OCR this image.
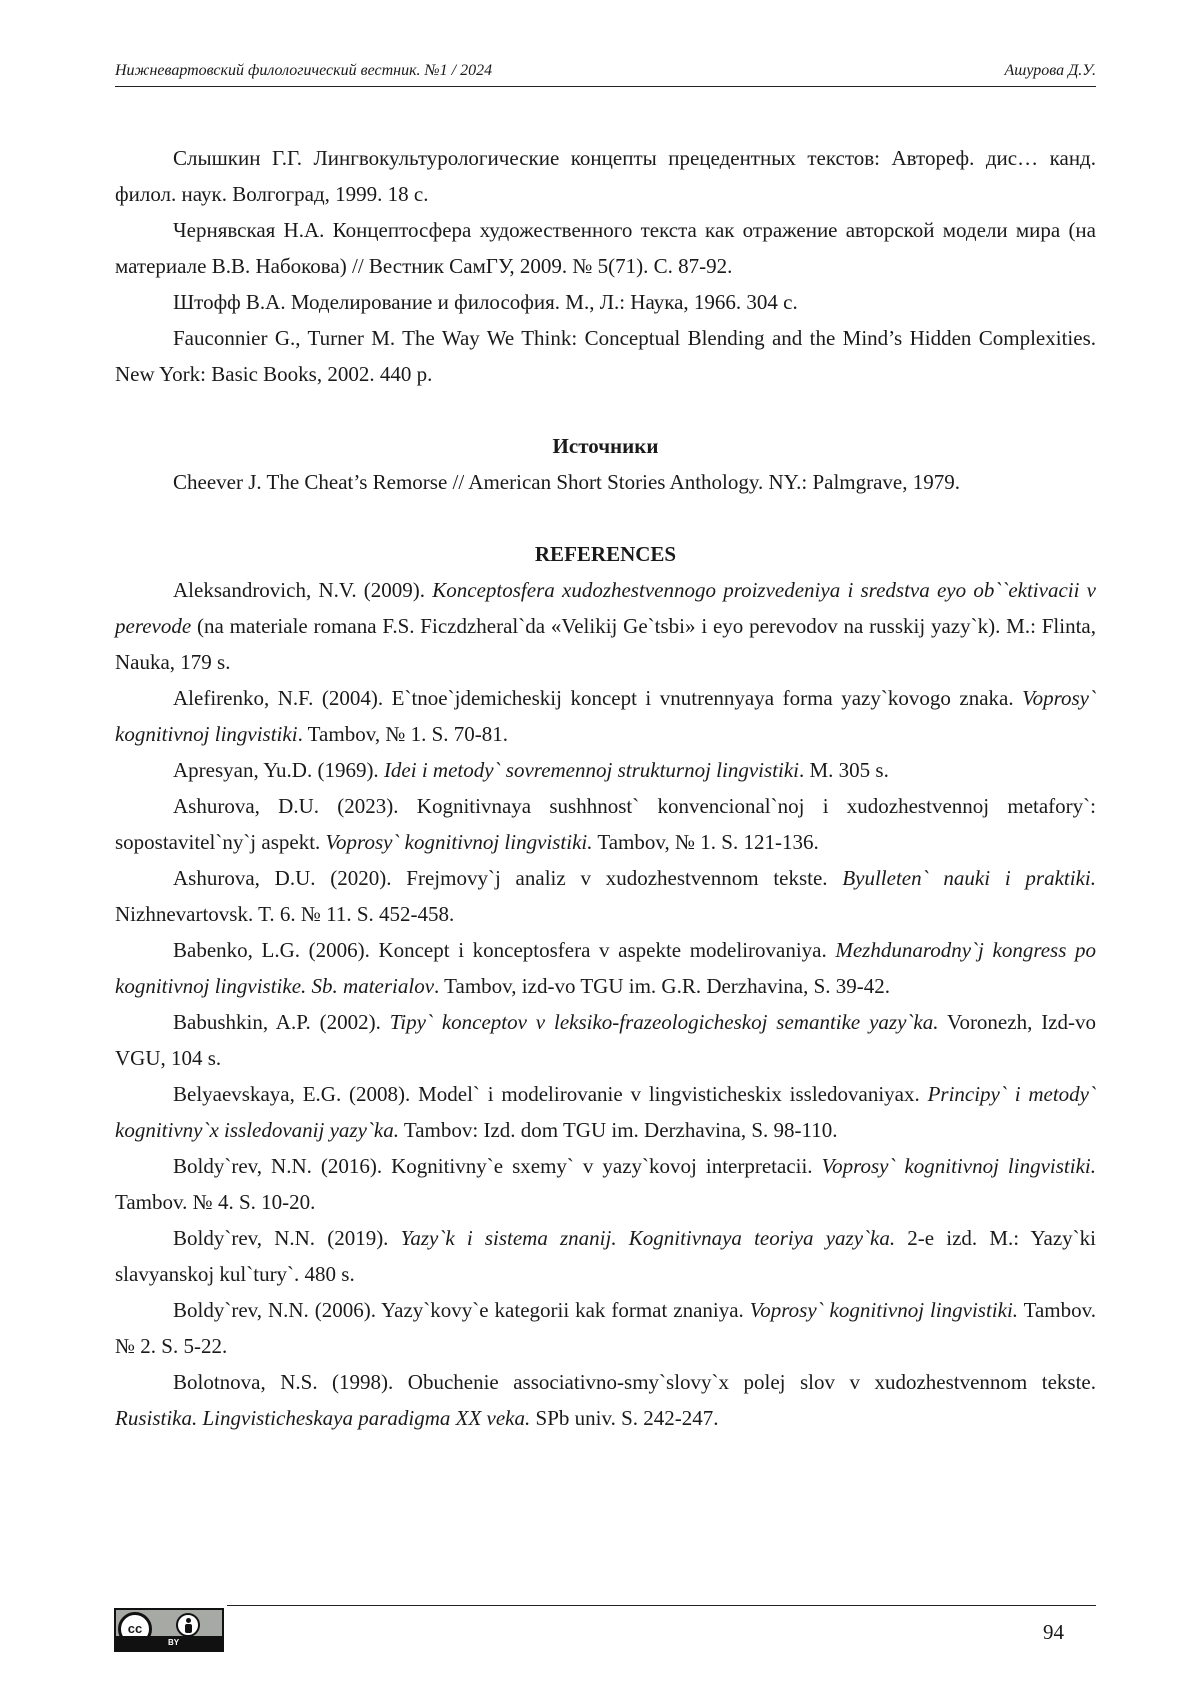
Нижневартовский филологический вестник. №1 / 2024	Ашурова Д.У.

Слышкин Г.Г. Лингвокультурологические концепты прецедентных текстов: Автореф. дис… канд. филол. наук. Волгоград, 1999. 18 с.

Чернявская Н.А. Концептосфера художественного текста как отражение авторской модели мира (на материале В.В. Набокова) // Вестник СамГУ, 2009. № 5(71). С. 87-92.

Штофф В.А. Моделирование и философия. М., Л.: Наука, 1966. 304 с.

Fauconnier G., Turner M. The Way We Think: Conceptual Blending and the Mind’s Hidden Complexities. New York: Basic Books, 2002. 440 p.

Источники

Cheever J. The Cheat’s Remorse // American Short Stories Anthology. NY.: Palmgrave, 1979.

REFERENCES

Aleksandrovich, N.V. (2009). Konceptosfera xudozhestvennogo proizvedeniya i sredstva eyo ob``ektivacii v perevode (na materiale romana F.S. Ficzdzheral`da «Velikij Ge`tsbi» i eyo perevodov na russkij yazy`k). M.: Flinta, Nauka, 179 s.

Alefirenko, N.F. (2004). E`tnoe`jdemicheskij koncept i vnutrennyaya forma yazy`kovogo znaka. Voprosy` kognitivnoj lingvistiki. Tambov, № 1. S. 70-81.

Apresyan, Yu.D. (1969). Idei i metody` sovremennoj strukturnoj lingvistiki. M. 305 s.

Ashurova, D.U. (2023). Kognitivnaya sushhnost` konvencional`noj i xudozhestvennoj metafory`: sopostavitel`ny`j aspekt. Voprosy` kognitivnoj lingvistiki. Tambov, № 1. S. 121-136.

Ashurova, D.U. (2020). Frejmovy`j analiz v xudozhestvennom tekste. Byulleten` nauki i praktiki. Nizhnevartovsk. T. 6. № 11. S. 452-458.

Babenko, L.G. (2006). Koncept i konceptosfera v aspekte modelirovaniya. Mezhdunarodny`j kongress po kognitivnoj lingvistike. Sb. materialov. Tambov, izd-vo TGU im. G.R. Derzhavina, S. 39-42.

Babushkin, A.P. (2002). Tipy` konceptov v leksiko-frazeologicheskoj semantike yazy`ka. Voronezh, Izd-vo VGU, 104 s.

Belyaevskaya, E.G. (2008). Model` i modelirovanie v lingvisticheskix issledovaniyax. Principy` i metody` kognitivny`x issledovanij yazy`ka. Tambov: Izd. dom TGU im. Derzhavina, S. 98-110.

Boldy`rev, N.N. (2016). Kognitivny`e sxemy` v yazy`kovoj interpretacii. Voprosy` kognitivnoj lingvistiki. Tambov. № 4. S. 10-20.

Boldy`rev, N.N. (2019). Yazy`k i sistema znanij. Kognitivnaya teoriya yazy`ka. 2-e izd. M.: Yazy`ki slavyanskoj kul`tury`. 480 s.

Boldy`rev, N.N. (2006). Yazy`kovy`e kategorii kak format znaniya. Voprosy` kognitivnoj lingvistiki. Tambov. № 2. S. 5-22.

Bolotnova, N.S. (1998). Obuchenie associativno-smy`slovy`x polej slov v xudozhestvennom tekste. Rusistika. Lingvisticheskaya paradigma XX veka. SPb univ. S. 242-247.

cc
BY	94
